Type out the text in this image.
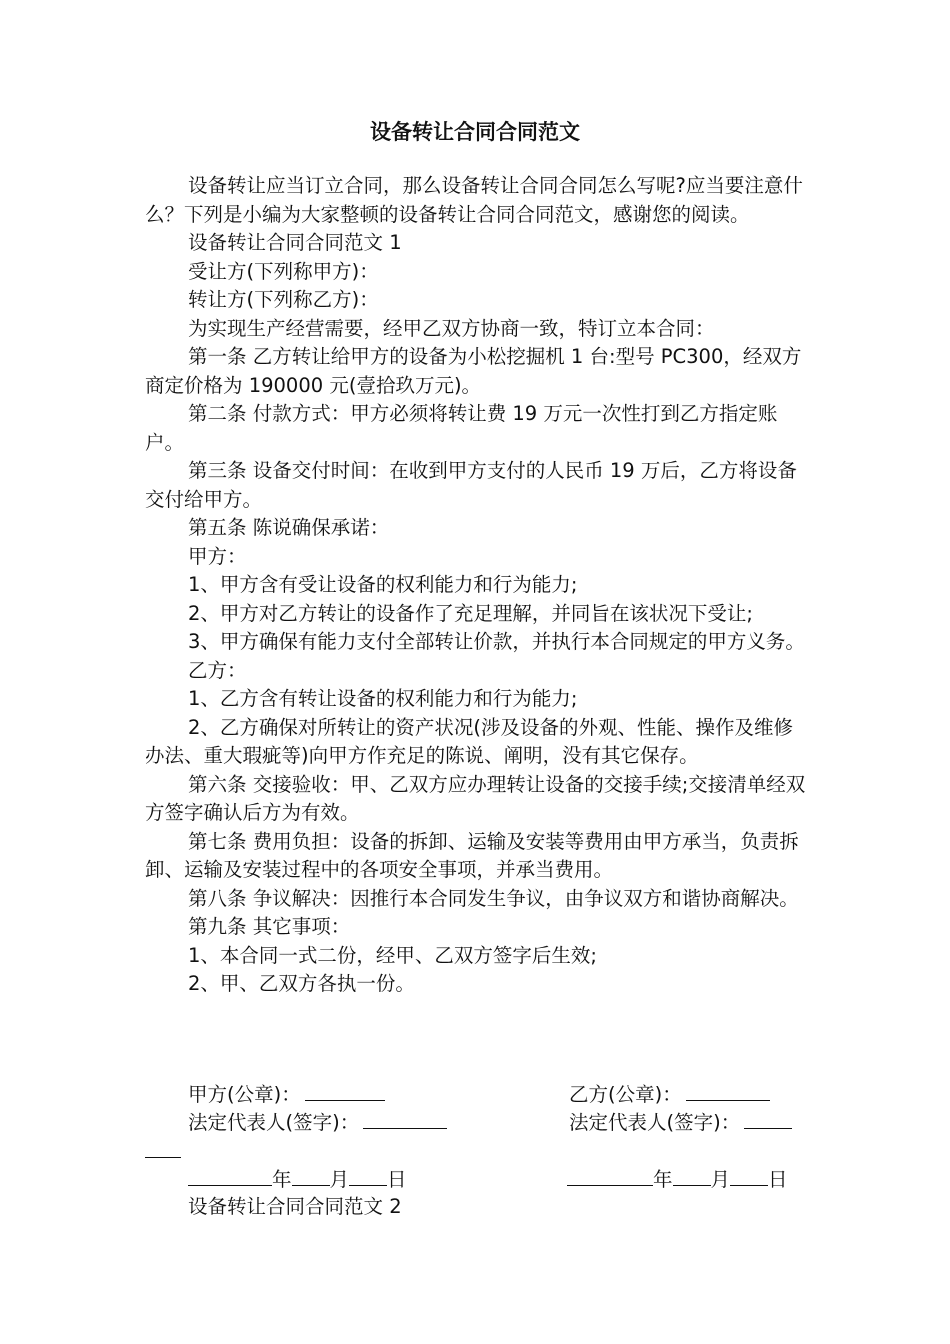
设备转让合同合同范文

设备转让应当订立合同，那么设备转让合同合同怎么写呢?应当要注意什么？下列是小编为大家整顿的设备转让合同合同范文，感谢您的阅读。

设备转让合同合同范文 1

受让方(下列称甲方)：

转让方(下列称乙方)：

为实现生产经营需要，经甲乙双方协商一致，特订立本合同：

第一条 乙方转让给甲方的设备为小松挖掘机 1 台:型号 PC300，经双方商定价格为 190000 元(壹拾玖万元)。

第二条 付款方式：甲方必须将转让费 19 万元一次性打到乙方指定账户。

第三条 设备交付时间：在收到甲方支付的人民币 19 万后，乙方将设备交付给甲方。

第五条 陈说确保承诺：

甲方：

1、甲方含有受让设备的权利能力和行为能力;

2、甲方对乙方转让的设备作了充足理解，并同旨在该状况下受让;

3、甲方确保有能力支付全部转让价款，并执行本合同规定的甲方义务。

乙方：

1、乙方含有转让设备的权利能力和行为能力;

2、乙方确保对所转让的资产状况(涉及设备的外观、性能、操作及维修办法、重大瑕疵等)向甲方作充足的陈说、阐明，没有其它保存。

第六条 交接验收：甲、乙双方应办理转让设备的交接手续;交接清单经双方签字确认后方为有效。

第七条 费用负担：设备的拆卸、运输及安装等费用由甲方承当，负责拆卸、运输及安装过程中的各项安全事项，并承当费用。

第八条 争议解决：因推行本合同发生争议，由争议双方和谐协商解决。

第九条 其它事项：

1、本合同一式二份，经甲、乙双方签字后生效;

2、甲、乙双方各执一份。

甲方(公章)：	乙方(公章)：
法定代表人(签字)：	法定代表人(签字)：
年 月 日	年 月 日
设备转让合同合同范文 2
